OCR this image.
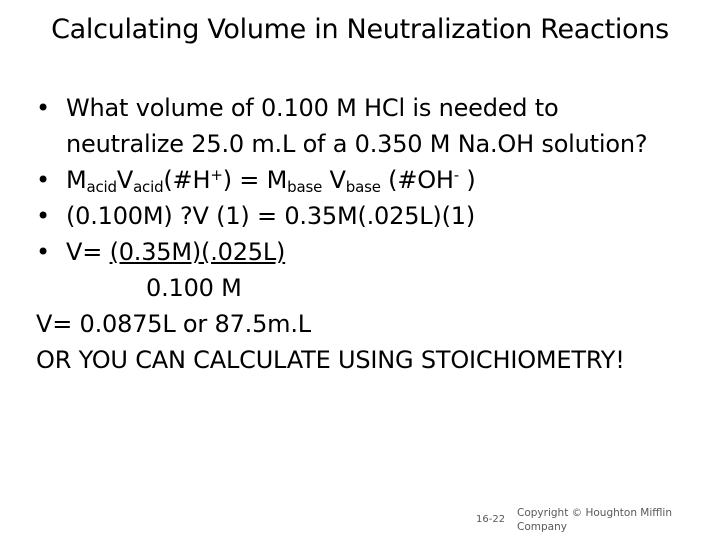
Calculating Volume in Neutralization Reactions
• What volume of 0.100 M HCl is needed to
neutralize 25.0 m.L of a 0.350 M Na.OH solution?
• $M_{acid}V_{acid}(\#H^+) = M_{base}$ $V_{base}$ (#OH- )
• (0.100M) ?V (1) = 0.35M(.025L)(1)
• V= (0.35M)(.025L)
0.100 M
V= 0.0875L or 87.5m.L
OR YOU CAN CALCULATE USING STOICHIOMETRY!
16-22
Copyright © Houghton Mifflin Company
